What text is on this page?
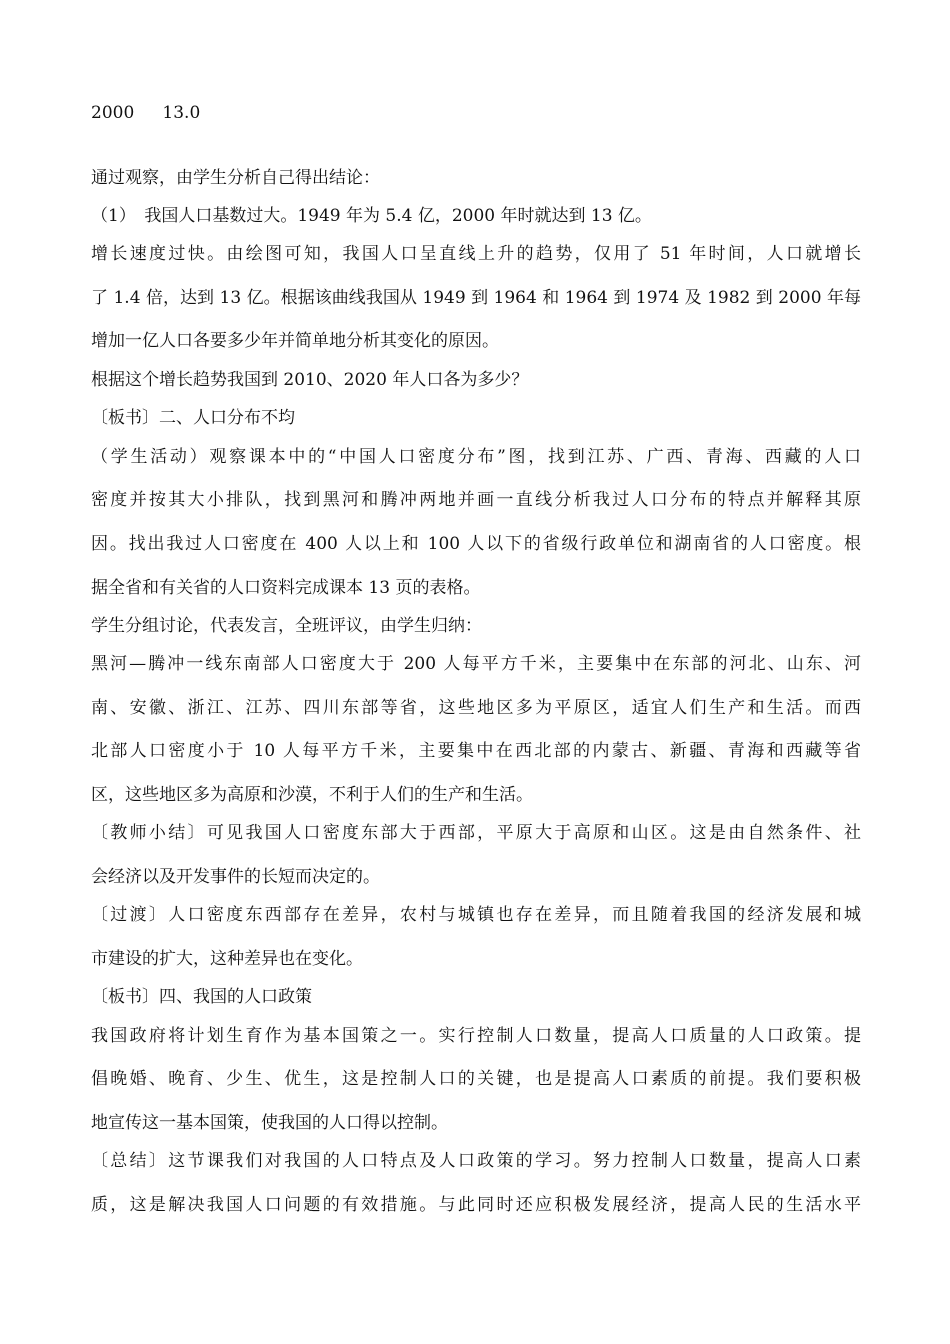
2000 13.0
通过观察，由学生分析自己得出结论：
（1）　我国人口基数过大。1949 年为 5.4 亿，2000 年时就达到 13 亿。
增长速度过快。由绘图可知，我国人口呈直线上升的趋势，仅用了 51 年时间，人口就增长
了 1.4 倍，达到 13 亿。根据该曲线我国从 1949 到 1964 和 1964 到 1974 及 1982 到 2000 年每
增加一亿人口各要多少年并简单地分析其变化的原因。
根据这个增长趋势我国到 2010、2020 年人口各为多少？
〔板书〕二、人口分布不均
（学生活动）观察课本中的“中国人口密度分布”图，找到江苏、广西、青海、西藏的人口
密度并按其大小排队，找到黑河和腾冲两地并画一直线分析我过人口分布的特点并解释其原
因。找出我过人口密度在 400 人以上和 100 人以下的省级行政单位和湖南省的人口密度。根
据全省和有关省的人口资料完成课本 13 页的表格。
学生分组讨论，代表发言，全班评议，由学生归纳：
黑河—腾冲一线东南部人口密度大于 200 人每平方千米，主要集中在东部的河北、山东、河
南、安徽、浙江、江苏、四川东部等省，这些地区多为平原区，适宜人们生产和生活。而西
北部人口密度小于 10 人每平方千米，主要集中在西北部的内蒙古、新疆、青海和西藏等省
区，这些地区多为高原和沙漠，不利于人们的生产和生活。
〔教师小结〕可见我国人口密度东部大于西部，平原大于高原和山区。这是由自然条件、社
会经济以及开发事件的长短而决定的。
〔过渡〕人口密度东西部存在差异，农村与城镇也存在差异，而且随着我国的经济发展和城
市建设的扩大，这种差异也在变化。
〔板书〕四、我国的人口政策
我国政府将计划生育作为基本国策之一。实行控制人口数量，提高人口质量的人口政策。提
倡晚婚、晚育、少生、优生，这是控制人口的关键，也是提高人口素质的前提。我们要积极
地宣传这一基本国策，使我国的人口得以控制。
〔总结〕这节课我们对我国的人口特点及人口政策的学习。努力控制人口数量，提高人口素
质，这是解决我国人口问题的有效措施。与此同时还应积极发展经济，提高人民的生活水平
